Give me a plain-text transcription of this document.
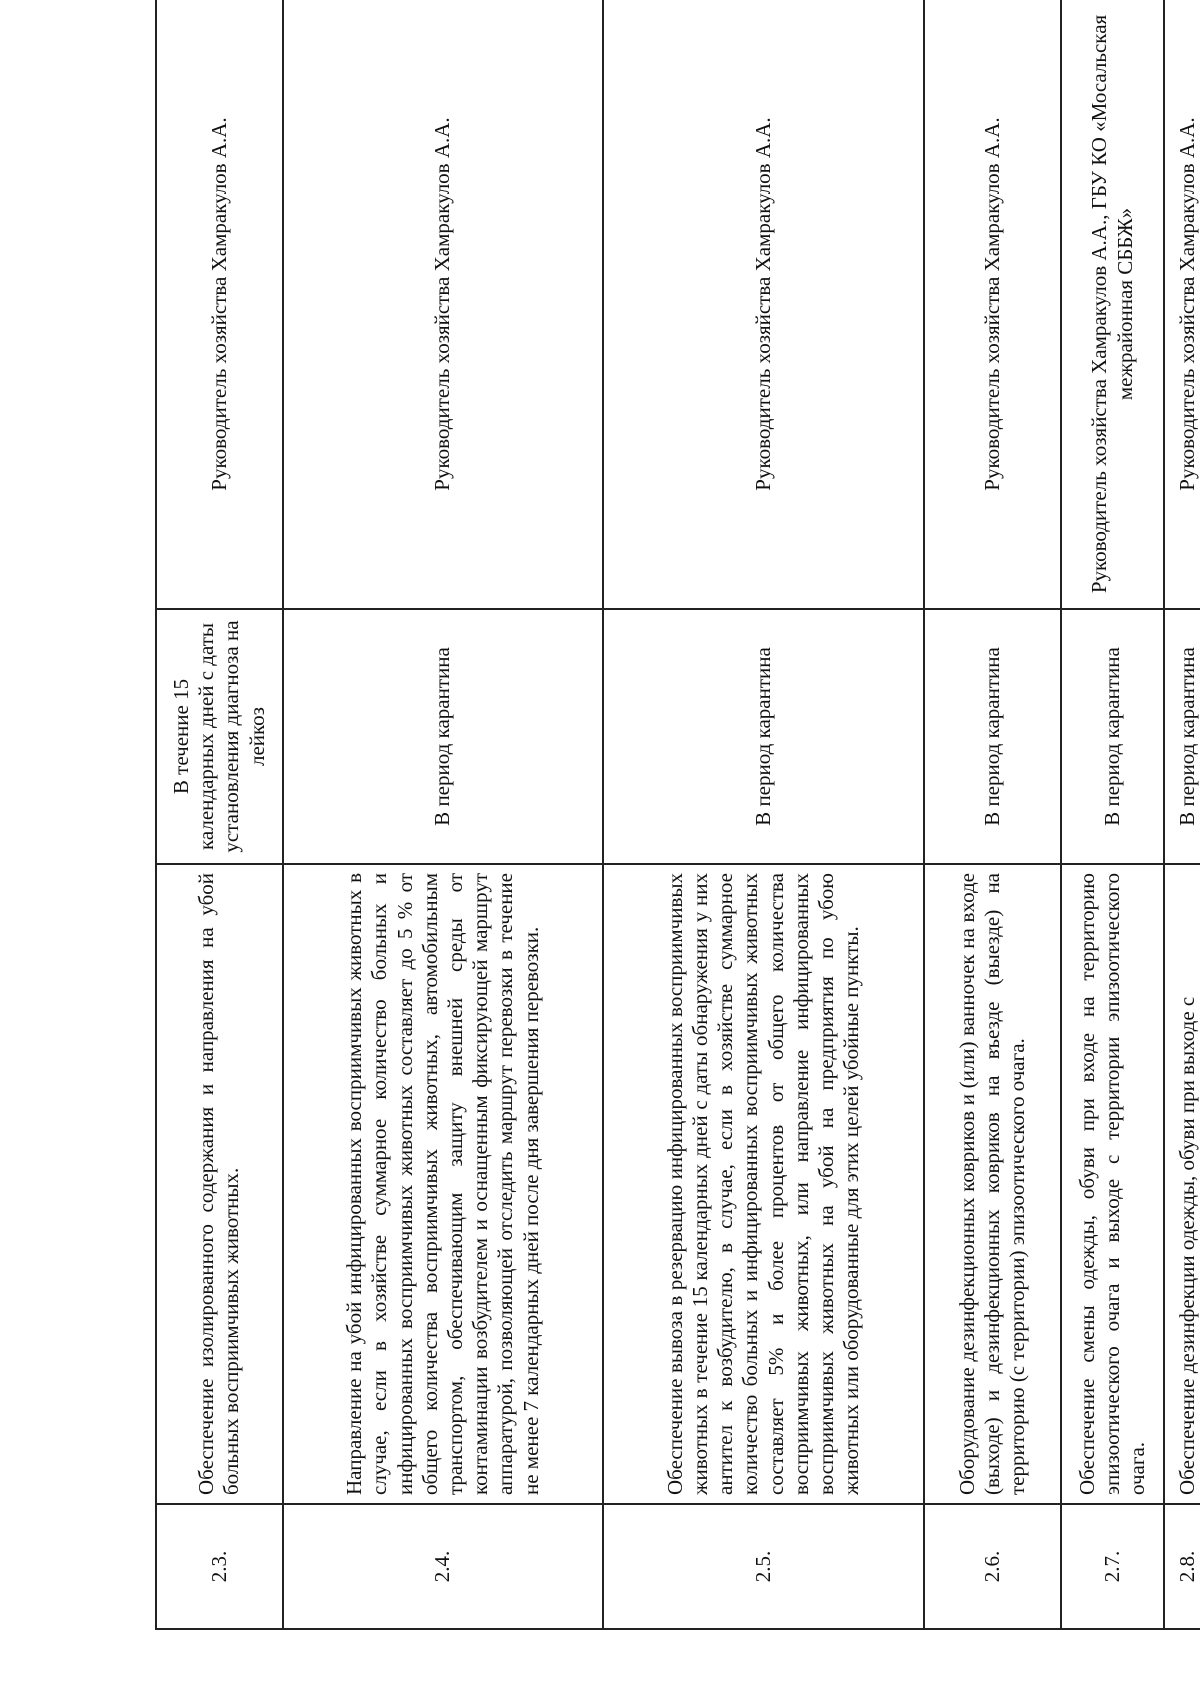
2.3.	Обеспечение изолированного содержания и направления на убой больных восприимчивых животных.	В течение 15 календарных дней с даты установления диагноза на лейкоз	Руководитель хозяйства Хамракулов А.А.
2.4.	Направление на убой инфицированных восприимчивых животных в случае, если в хозяйстве суммарное количество больных и инфицированных восприимчивых животных составляет до 5 % от общего количества восприимчивых животных, автомобильным транспортом, обеспечивающим защиту внешней среды от контаминации возбудителем и оснащенным фиксирующей маршрут аппаратурой, позволяющей отследить маршрут перевозки в течение не менее 7 календарных дней после дня завершения перевозки.	В период карантина	Руководитель хозяйства Хамракулов А.А.
2.5.	Обеспечение вывоза в резервацию инфицированных восприимчивых животных в течение 15 календарных дней с даты обнаружения у них антител к возбудителю, в случае, если в хозяйстве суммарное количество больных и инфицированных восприимчивых животных составляет 5% и более процентов от общего количества восприимчивых животных, или направление инфицированных восприимчивых животных на убой на предприятия по убою животных или оборудованные для этих целей убойные пункты.	В период карантина	Руководитель хозяйства Хамракулов А.А.
2.6.	Оборудование дезинфекционных ковриков и (или) ванночек на входе (выходе) и дезинфекционных ковриков на въезде (выезде) на территорию (с территории) эпизоотического очага.	В период карантина	Руководитель хозяйства Хамракулов А.А.
2.7.	Обеспечение смены одежды, обуви при входе на территорию эпизоотического очага и выходе с территории эпизоотического очага.	В период карантина	Руководитель хозяйства Хамракулов А.А., ГБУ КО «Мосальская межрайонная СББЖ»
2.8.	Обеспечение дезинфекции одежды, обуви при выходе с	В период карантина	Руководитель хозяйства Хамракулов А.А.
